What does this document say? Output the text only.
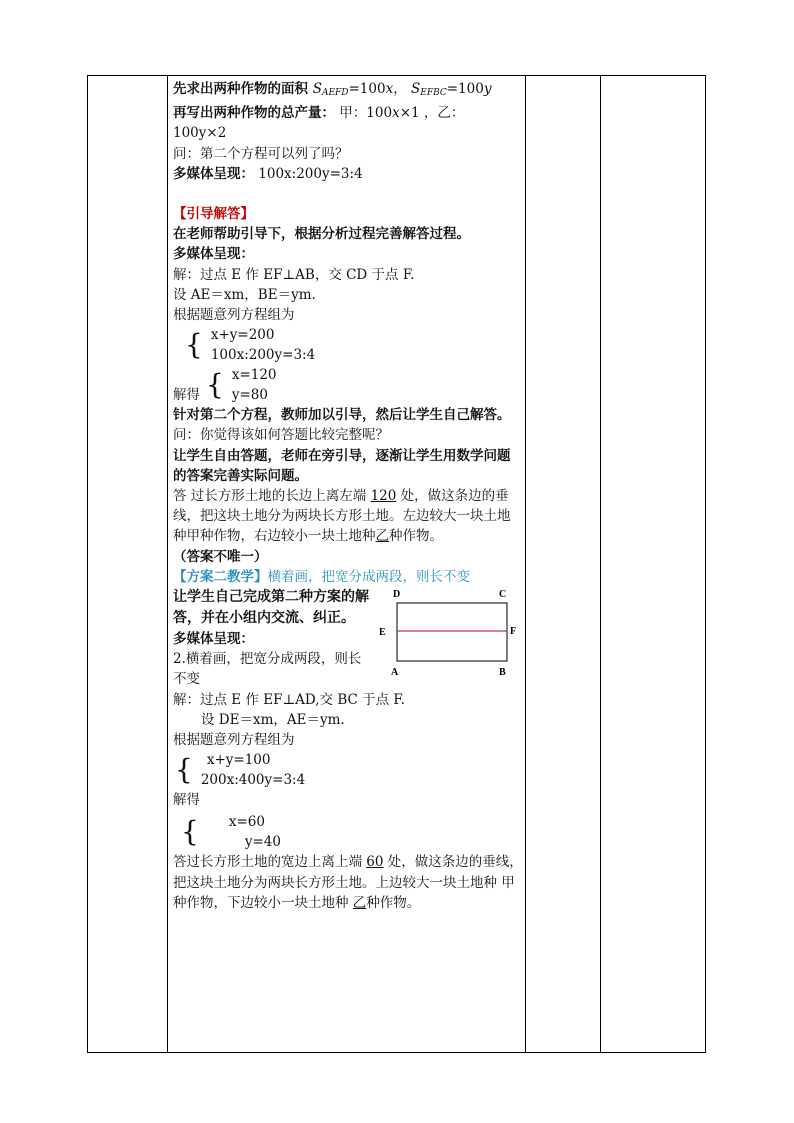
先求出两种作物的面积 $S_{AEFD}=100x$， $S_{EFBC}=100y$

再写出两种作物的总产量： 甲：100x×1 ，乙：

100y×2

问：第二个方程可以列了吗？

多媒体呈现： 100x:200y=3:4

【引导解答】

在老师帮助引导下，根据分析过程完善解答过程。

多媒体呈现：

解：过点 E 作 EF⊥AB，交 CD 于点 F.

设 AE＝xm，BE＝ym.

根据题意列方程组为

{ x+y=200

100x:200y=3:4

解得 { x=120

y=80

针对第二个方程，教师加以引导，然后让学生自己解答。

问：你觉得该如何答题比较完整呢？

让学生自由答题，老师在旁引导，逐渐让学生用数学问题的答案完善实际问题。

答 过长方形土地的长边上离左端 120 处，做这条边的垂线，把这块土地分为两块长方形土地。左边较大一块土地种甲种作物，右边较小一块土地种乙种作物。

（答案不唯一）

【方案二教学】横着画，把宽分成两段，则长不变

让学生自己完成第二种方案的解答，并在小组内交流、纠正。

多媒体呈现：

2.横着画，把宽分成两段，则长不变

D	C
E	F
A	B

解：过点 E 作 EF⊥AD,交 BC 于点 F.

设 DE＝xm，AE＝ym.

根据题意列方程组为

{	x+y=100

200x:400y=3:4

解得

{	x=60

y=40

答过长方形土地的宽边上离上端 60 处，做这条边的垂线，把这块土地分为两块长方形土地。上边较大一块土地种 甲种作物，下边较小一块土地种 乙种作物。
